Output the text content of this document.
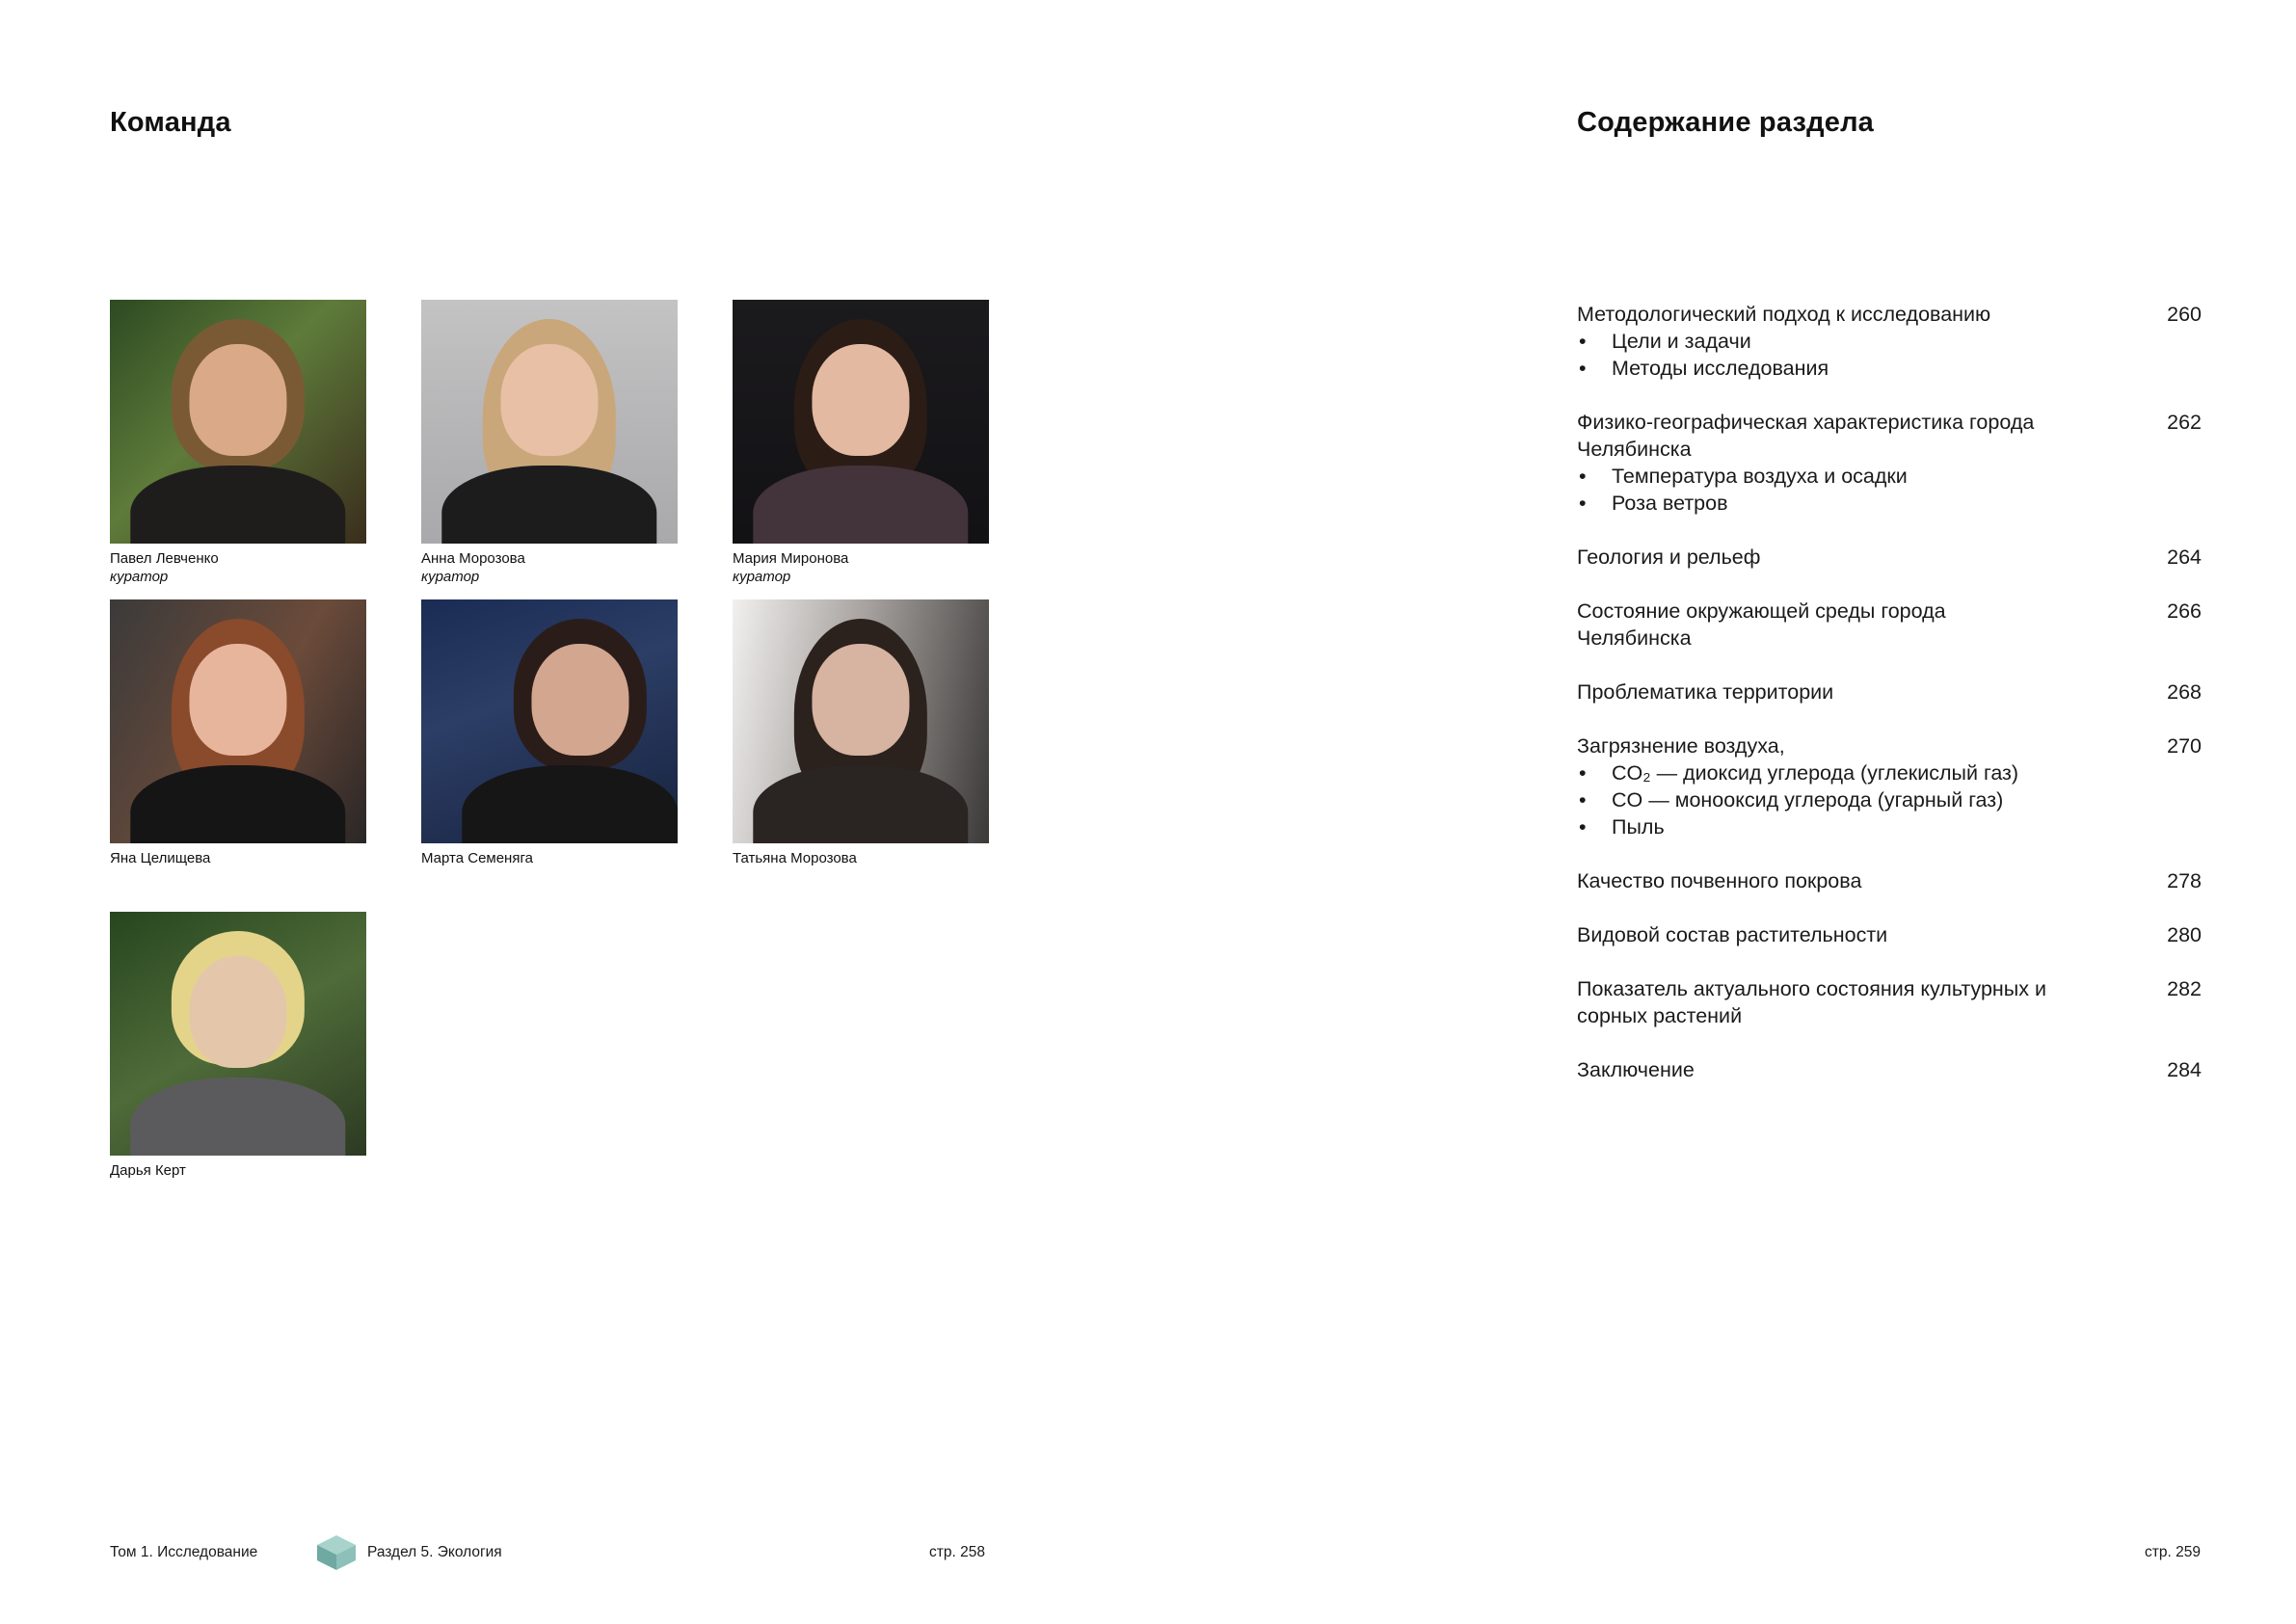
Команда	Содержание раздела
Павел Левченко
куратор
Анна Морозова
куратор
Мария Миронова
куратор
Яна Целищева	Марта Семеняга	Татьяна Морозова
Дарья Керт
Методологический подход к исследованию	260
• Цели и задачи
• Методы исследования
Физико-географическая характеристика города Челябинска
262
• Температура воздуха и осадки
• Роза ветров
Геология и рельеф	264
Состояние окружающей среды города Челябинска
266
Проблематика территории	268
Загрязнение воздуха,	270
• CO₂ — диоксид углерода (углекислый газ)
• CO — монооксид углерода (угарный газ)
• Пыль
Качество почвенного покрова	278
Видовой состав растительности	280
Показатель актуального состояния культурных и сорных растений
282
Заключение	284
Том 1. Исследование	Раздел 5. Экология	стр. 258	стр. 259
